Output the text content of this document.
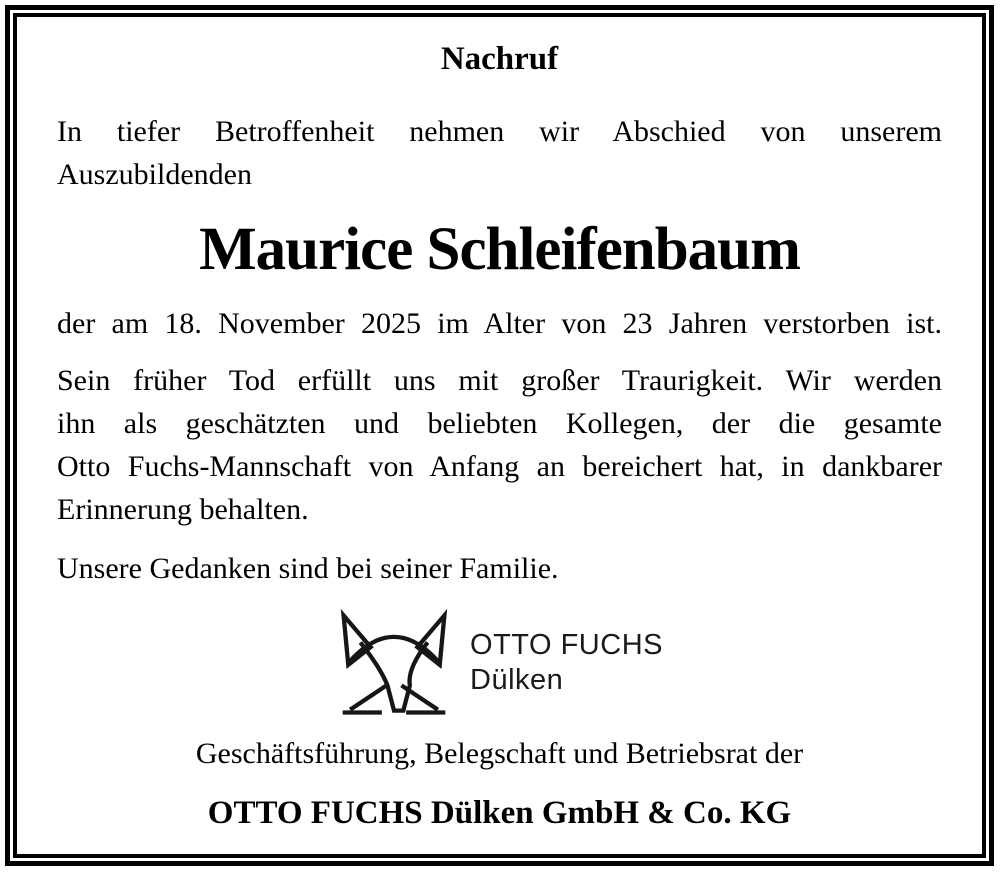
Nachruf
In tiefer Betroffenheit nehmen wir Abschied von unserem
Auszubildenden
Maurice Schleifenbaum
der am 18. November 2025 im Alter von 23 Jahren verstorben ist.
Sein früher Tod erfüllt uns mit großer Traurigkeit. Wir werden
ihn als geschätzten und beliebten Kollegen, der die gesamte
Otto Fuchs-Mannschaft von Anfang an bereichert hat, in dankbarer
Erinnerung behalten.
Unsere Gedanken sind bei seiner Familie.
OTTO FUCHS
Dülken
Geschäftsführung, Belegschaft und Betriebsrat der
OTTO FUCHS Dülken GmbH & Co. KG
